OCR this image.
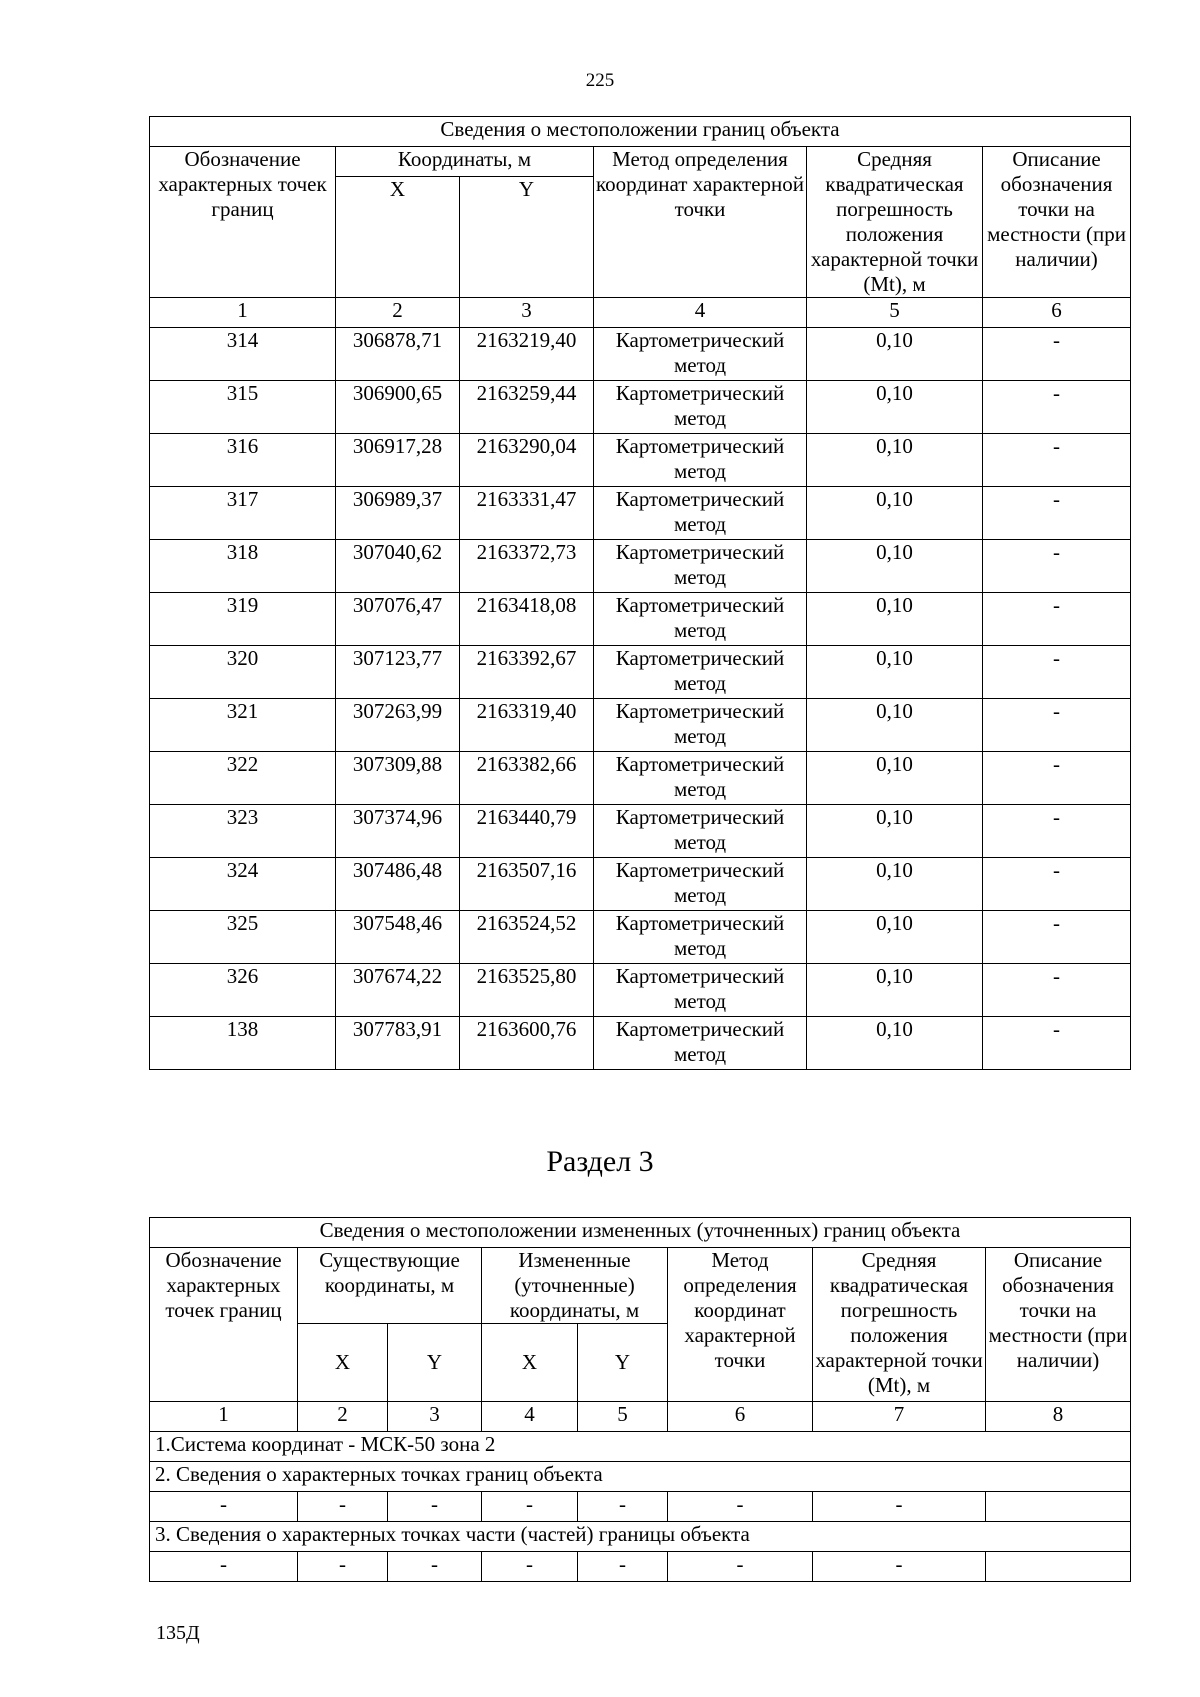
225
Сведения о местоположении границ объекта					
Обозначение характерных точек границ	Координаты, м		Метод определения координат характерной точки	Средняя квадратическая погрешность положения характерной точки (Mt), м	Описание обозначения точки на местности (при наличии)
	X	Y			
1	2	3	4	5	6
314	306878,71	2163219,40	Картометрический метод	0,10	-
315	306900,65	2163259,44	Картометрический метод	0,10	-
316	306917,28	2163290,04	Картометрический метод	0,10	-
317	306989,37	2163331,47	Картометрический метод	0,10	-
318	307040,62	2163372,73	Картометрический метод	0,10	-
319	307076,47	2163418,08	Картометрический метод	0,10	-
320	307123,77	2163392,67	Картометрический метод	0,10	-
321	307263,99	2163319,40	Картометрический метод	0,10	-
322	307309,88	2163382,66	Картометрический метод	0,10	-
323	307374,96	2163440,79	Картометрический метод	0,10	-
324	307486,48	2163507,16	Картометрический метод	0,10	-
325	307548,46	2163524,52	Картометрический метод	0,10	-
326	307674,22	2163525,80	Картометрический метод	0,10	-
138	307783,91	2163600,76	Картометрический метод	0,10	-
Раздел 3
Сведения о местоположении измененных (уточненных) границ объекта							
Обозначение характерных точек границ	Существующие координаты, м		Измененные (уточненные) координаты, м		Метод определения координат характерной точки	Средняя квадратическая погрешность положения характерной точки (Mt), м	Описание обозначения точки на местности (при наличии)
	X	Y	X	Y			
1	2	3	4	5	6	7	8
1.Система координат - МСК-50 зона 2							
2. Сведения о характерных точках границ объекта							
-	-	-	-	-	-	-	
3. Сведения о характерных точках части (частей) границы объекта							
-	-	-	-	-	-	-	
135Д
